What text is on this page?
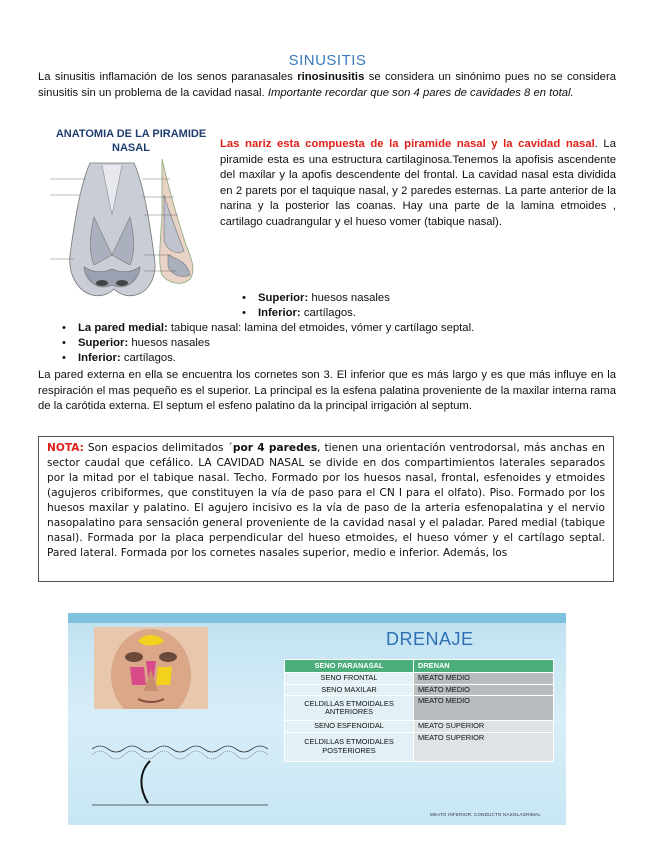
SINUSITIS
La sinusitis inflamación de los senos paranasales rinosinusitis se considera un sinónimo pues no se considera sinusitis sin un problema de la cavidad nasal. Importante recordar que son 4 pares de cavidades 8 en total.
ANATOMIA DE LA PIRAMIDE
NASAL	Las nariz esta compuesta de la piramide nasal y la cavidad nasal. La piramide esta es una estructura cartilaginosa.Tenemos la apofisis ascendente del maxilar y la apofis descendente del frontal. La cavidad nasal esta dividida en 2 parets por el taquique nasal, y 2 paredes esternas. La parte anterior de la narina y la posterior las coanas. Hay una parte de la lamina etmoides , cartilago cuadrangular y el hueso vomer (tabique nasal).
• Superior: huesos nasales
• Inferior: cartílagos.
• La pared medial: tabique nasal: lamina del etmoides, vómer y cartílago septal.
• Superior: huesos nasales
• Inferior: cartílagos.
La pared externa en ella se encuentra los cornetes son 3. El inferior que es más largo y es que más influye en la respiración el mas pequeño es el superior. La principal es la esfena palatina proveniente de la maxilar interna rama de la carótida externa. El septum el esfeno palatino da la principal irrigación al septum.
NOTA: Son espacios delimitados ´por 4 paredes, tienen una orientación ventrodorsal, más anchas en sector caudal que cefálico. LA CAVIDAD NASAL se divide en dos compartimientos laterales separados por la mitad por el tabique nasal. Techo. Formado por los huesos nasal, frontal, esfenoides y etmoides (agujeros cribiformes, que constituyen la vía de paso para el CN I para el olfato). Piso. Formado por los huesos maxilar y palatino. El agujero incisivo es la vía de paso de la arteria esfenopalatina y el nervio nasopalatino para sensación general proveniente de la cavidad nasal y el paladar. Pared medial (tabique nasal). Formada por la placa perpendicular del hueso etmoides, el hueso vómer y el cartílago septal. Pared lateral. Formada por los cornetes nasales superior, medio e inferior. Además, los
DRENAJE
SENO PARANASAL	DRENAN
SENO FRONTAL	MEATO MEDIO
SENO MAXILAR	MEATO MEDIO
CELDILLAS ETMOIDALES ANTERIORES	MEATO MEDIO
SENO ESFENOIDAL	MEATO SUPERIOR
CELDILLAS ETMOIDALES POSTERIORES	MEATO SUPERIOR
MEATO INFERIOR: CONDUCTO NASOLAGRIMAL
